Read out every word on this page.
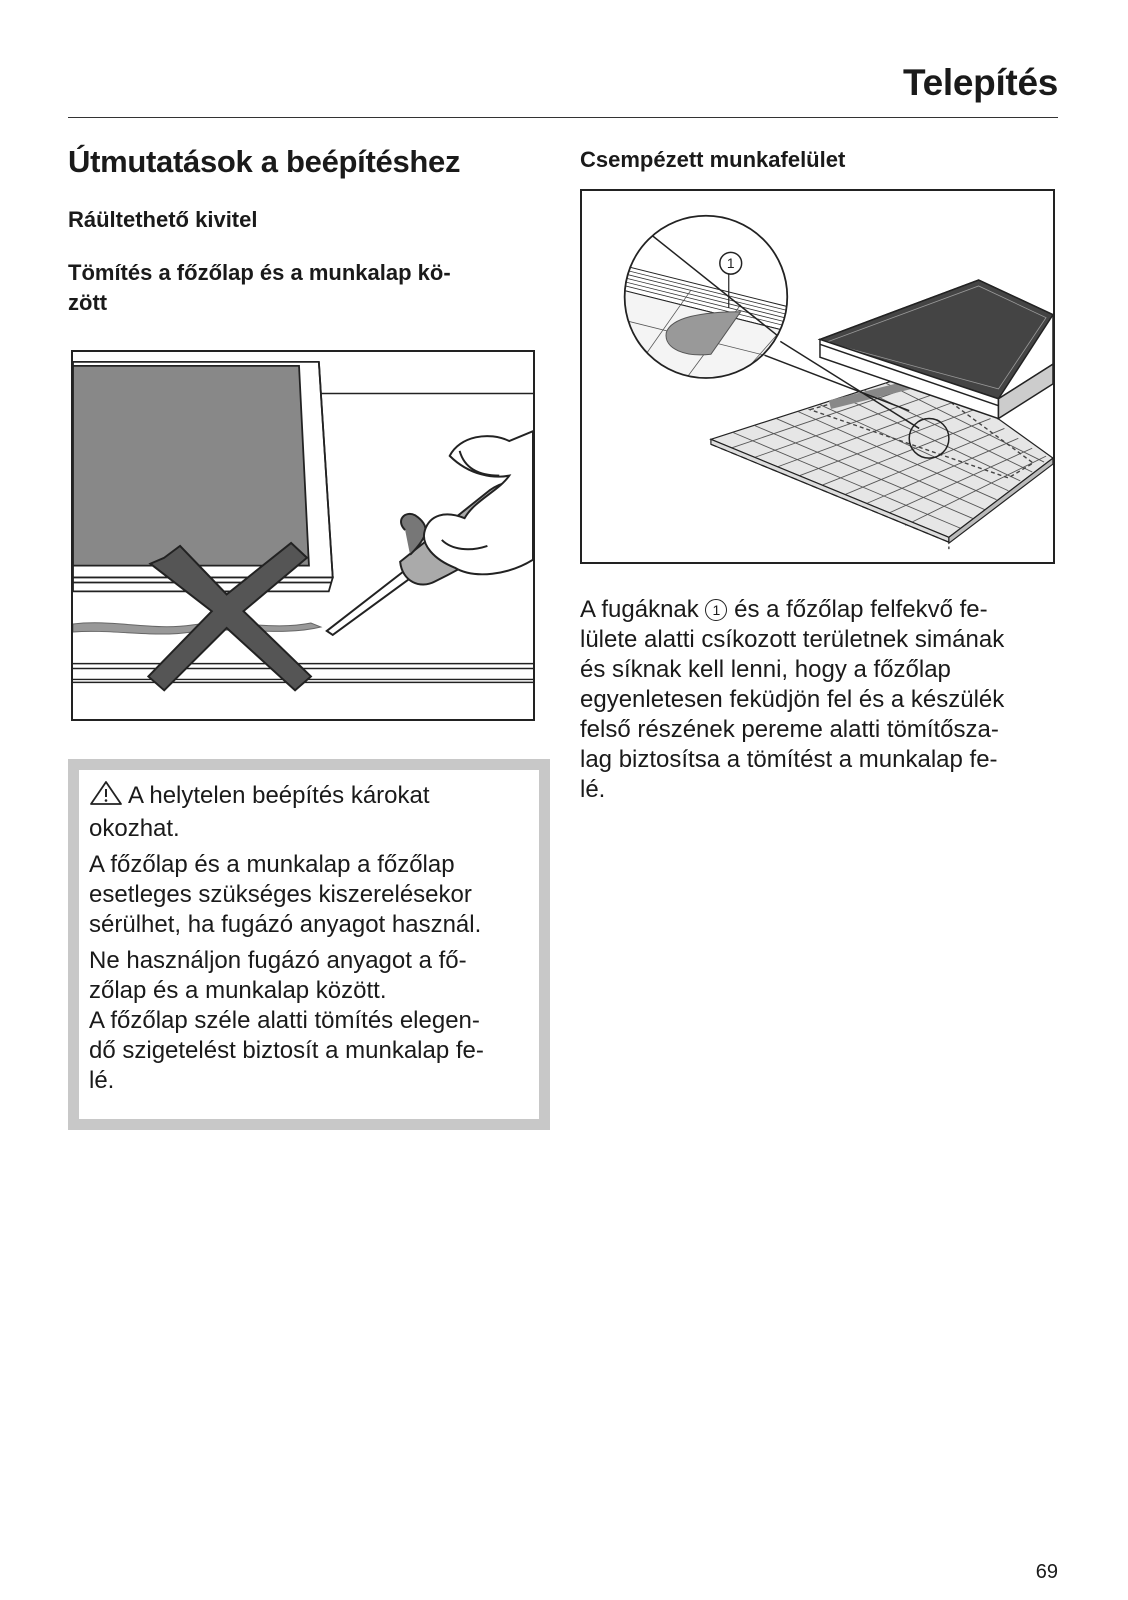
Telepítés
Útmutatások a beépítéshez
Ráültethető kivitel
Tömítés a főzőlap és a munkalap kö-
zött

A helytelen beépítés károkat
okozhat.

A főzőlap és a munkalap a főzőlap
esetleges szükséges kiszerelésekor
sérülhet, ha fugázó anyagot használ.

Ne használjon fugázó anyagot a fő-
zőlap és a munkalap között.

A főzőlap széle alatti tömítés elegen-
dő szigetelést biztosít a munkalap fe-
lé.

Csempézett munkafelület
1

A fugáknak 1 és a főzőlap felfekvő fe-
lülete alatti csíkozott területnek simának
és síknak kell lenni, hogy a főzőlap
egyenletesen feküdjön fel és a készülék
felső részének pereme alatti tömítősza-
lag biztosítsa a tömítést a munkalap fe-
lé.

69
